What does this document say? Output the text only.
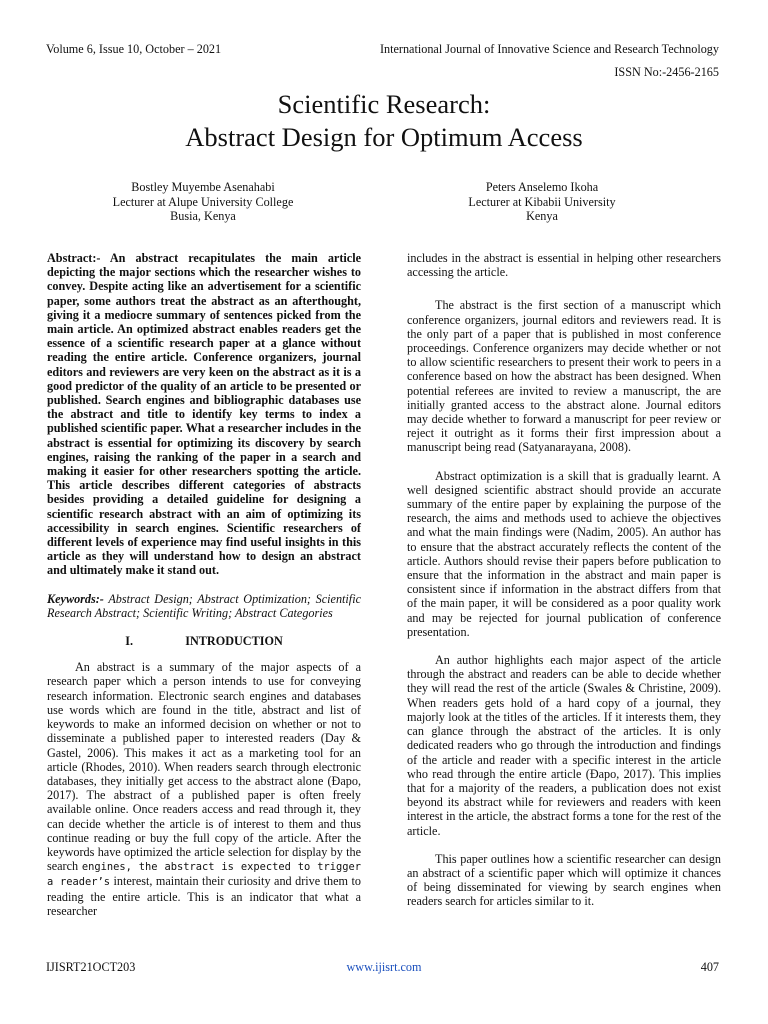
Volume 6, Issue 10, October – 2021	International Journal of Innovative Science and Research Technology
ISSN No:-2456-2165
Scientific Research:
Abstract Design for Optimum Access
Bostley Muyembe Asenahabi
Lecturer at Alupe University College
Busia, Kenya
Peters Anselemo Ikoha
Lecturer at Kibabii University
Kenya

Abstract:- An abstract recapitulates the main article depicting the major sections which the researcher wishes to convey. Despite acting like an advertisement for a scientific paper, some authors treat the abstract as an afterthought, giving it a mediocre summary of sentences picked from the main article. An optimized abstract enables readers get the essence of a scientific research paper at a glance without reading the entire article. Conference organizers, journal editors and reviewers are very keen on the abstract as it is a good predictor of the quality of an article to be presented or published. Search engines and bibliographic databases use the abstract and title to identify key terms to index a published scientific paper. What a researcher includes in the abstract is essential for optimizing its discovery by search engines, raising the ranking of the paper in a search and making it easier for other researchers spotting the article. This article describes different categories of abstracts besides providing a detailed guideline for designing a scientific research abstract with an aim of optimizing its accessibility in search engines. Scientific researchers of different levels of experience may find useful insights in this article as they will understand how to design an abstract and ultimately make it stand out.

Keywords:- Abstract Design; Abstract Optimization; Scientific Research Abstract; Scientific Writing; Abstract Categories

I.	INTRODUCTION

An abstract is a summary of the major aspects of a research paper which a person intends to use for conveying research information. Electronic search engines and databases use words which are found in the title, abstract and list of keywords to make an informed decision on whether or not to disseminate a published paper to interested readers (Day & Gastel, 2006). This makes it act as a marketing tool for an article (Rhodes, 2010). When readers search through electronic databases, they initially get access to the abstract alone (Đapo, 2017). The abstract of a published paper is often freely available online. Once readers access and read through it, they can decide whether the article is of interest to them and thus continue reading or buy the full copy of the article. After the keywords have optimized the article selection for display by the search engines, the abstract is expected to trigger a reader’s interest, maintain their curiosity and drive them to reading the entire article. This is an indicator that what a researcher

includes in the abstract is essential in helping other researchers accessing the article.

The abstract is the first section of a manuscript which conference organizers, journal editors and reviewers read. It is the only part of a paper that is published in most conference proceedings. Conference organizers may decide whether or not to allow scientific researchers to present their work to peers in a conference based on how the abstract has been designed. When potential referees are invited to review a manuscript, the are initially granted access to the abstract alone. Journal editors may decide whether to forward a manuscript for peer review or reject it outright as it forms their first impression about a manuscript being read (Satyanarayana, 2008).

Abstract optimization is a skill that is gradually learnt. A well designed scientific abstract should provide an accurate summary of the entire paper by explaining the purpose of the research, the aims and methods used to achieve the objectives and what the main findings were (Nadim, 2005). An author has to ensure that the abstract accurately reflects the content of the article. Authors should revise their papers before publication to ensure that the information in the abstract and main paper is consistent since if information in the abstract differs from that of the main paper, it will be considered as a poor quality work and may be rejected for journal publication of conference presentation.

An author highlights each major aspect of the article through the abstract and readers can be able to decide whether they will read the rest of the article (Swales & Christine, 2009). When readers gets hold of a hard copy of a journal, they majorly look at the titles of the articles. If it interests them, they can glance through the abstract of the articles. It is only dedicated readers who go through the introduction and findings of the article and reader with a specific interest in the article who read through the entire article (Đapo, 2017). This implies that for a majority of the readers, a publication does not exist beyond its abstract while for reviewers and readers with keen interest in the article, the abstract forms a tone for the rest of the article.

This paper outlines how a scientific researcher can design an abstract of a scientific paper which will optimize it chances of being disseminated for viewing by search engines when readers search for articles similar to it.

IJISRT21OCT203	www.ijisrt.com	407
